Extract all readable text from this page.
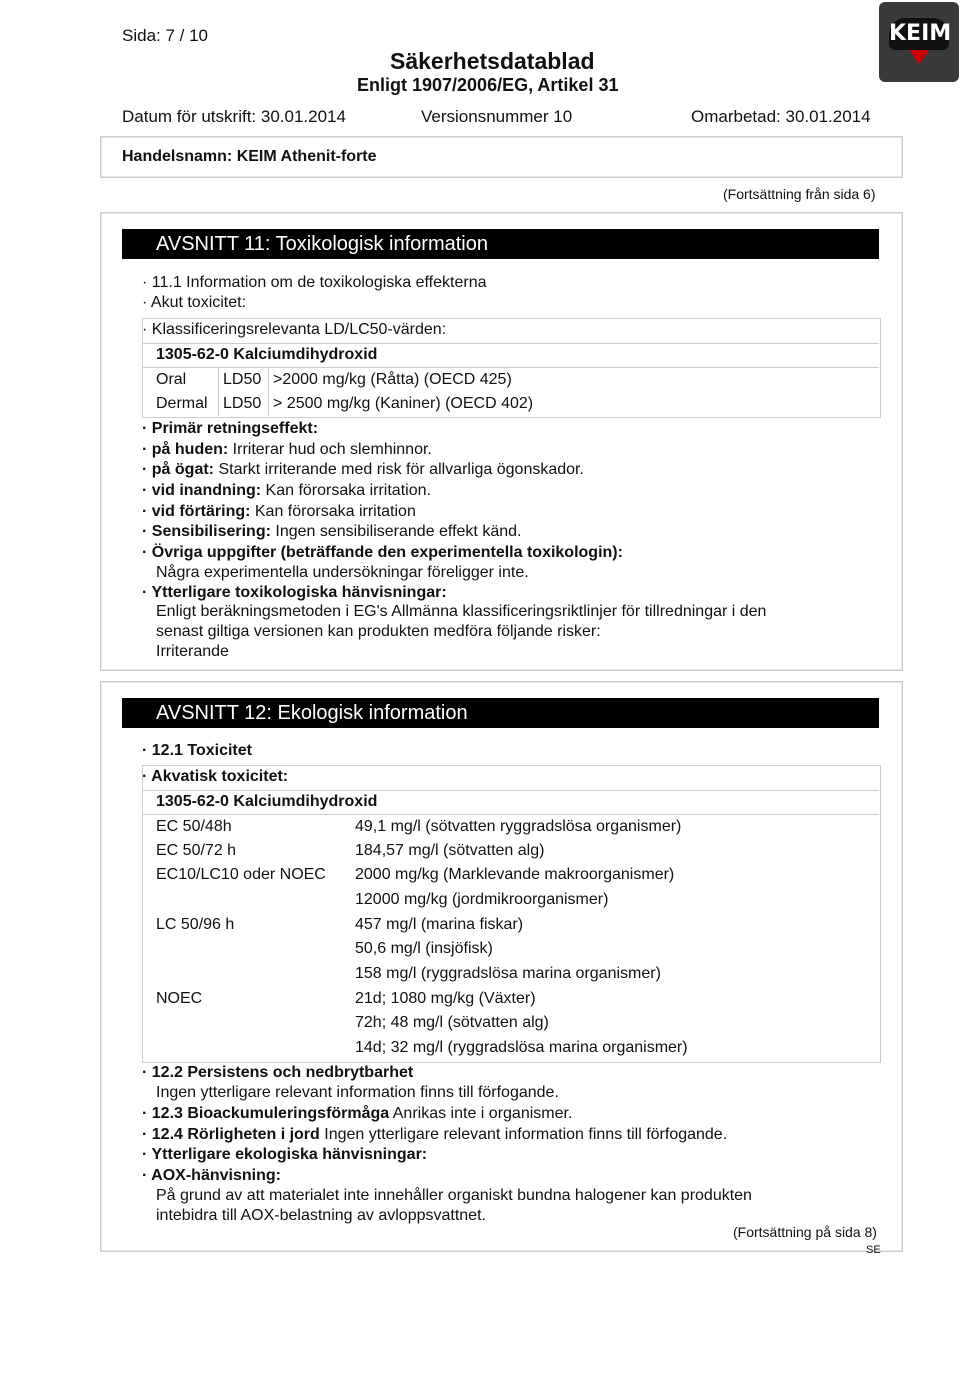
Sida: 7 / 10
Säkerhetsdatablad
Enligt 1907/2006/EG, Artikel 31
KEIM
Datum för utskrift: 30.01.2014	Versionsnummer 10	Omarbetad: 30.01.2014
Handelsnamn: KEIM Athenit-forte
(Fortsättning från sida 6)
AVSNITT 11: Toxikologisk information
· 11.1 Information om de toxikologiska effekterna
· Akut toxicitet:
· Klassificeringsrelevanta LD/LC50-värden:
1305-62-0 Kalciumdihydroxid
Oral LD50 >2000 mg/kg (Råtta) (OECD 425)
Dermal LD50 > 2500 mg/kg (Kaniner) (OECD 402)
· Primär retningseffekt:
· på huden: Irriterar hud och slemhinnor.
· på ögat: Starkt irriterande med risk för allvarliga ögonskador.
· vid inandning: Kan förorsaka irritation.
· vid förtäring: Kan förorsaka irritation
· Sensibilisering: Ingen sensibiliserande effekt känd.
· Övriga uppgifter (beträffande den experimentella toxikologin):
Några experimentella undersökningar föreligger inte.
· Ytterligare toxikologiska hänvisningar:
Enligt beräkningsmetoden i EG's Allmänna klassificeringsriktlinjer för tillredningar i den
senast giltiga versionen kan produkten medföra följande risker:
Irriterande
AVSNITT 12: Ekologisk information
· 12.1 Toxicitet
· Akvatisk toxicitet:
1305-62-0 Kalciumdihydroxid
EC 50/48h	49,1 mg/l (sötvatten ryggradslösa organismer)
EC 50/72 h	184,57 mg/l (sötvatten alg)
EC10/LC10 oder NOEC 2000 mg/kg (Marklevande makroorganismer)
12000 mg/kg (jordmikroorganismer)
LC 50/96 h	457 mg/l (marina fiskar)
50,6 mg/l (insjöfisk)
158 mg/l (ryggradslösa marina organismer)
NOEC	21d; 1080 mg/kg (Växter)
72h; 48 mg/l (sötvatten alg)
14d; 32 mg/l (ryggradslösa marina organismer)
· 12.2 Persistens och nedbrytbarhet
Ingen ytterligare relevant information finns till förfogande.
· 12.3 Bioackumuleringsförmåga Anrikas inte i organismer.
· 12.4 Rörligheten i jord Ingen ytterligare relevant information finns till förfogande.
· Ytterligare ekologiska hänvisningar:
· AOX-hänvisning:
På grund av att materialet inte innehåller organiskt bundna halogener kan produkten
intebidra till AOX-belastning av avloppsvattnet.
(Fortsättning på sida 8)
SE
